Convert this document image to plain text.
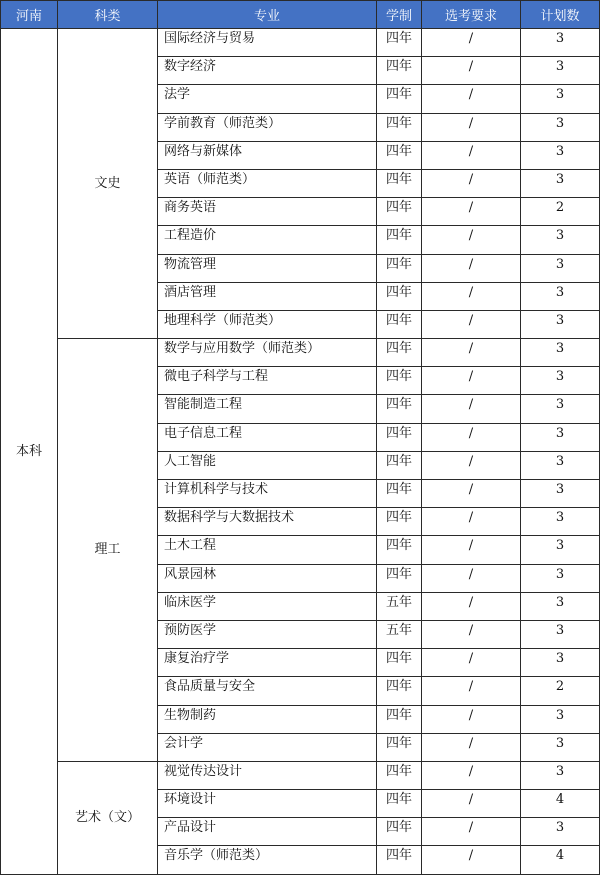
河南	科类	专业	学制	选考要求	计划数
本科	文史	国际经济与贸易	四年	/	3
		数字经济	四年	/	3
		法学	四年	/	3
		学前教育（师范类）	四年	/	3
		网络与新媒体	四年	/	3
		英语（师范类）	四年	/	3
		商务英语	四年	/	2
		工程造价	四年	/	3
		物流管理	四年	/	3
		酒店管理	四年	/	3
		地理科学（师范类）	四年	/	3
	理工	数学与应用数学（师范类）	四年	/	3
		微电子科学与工程	四年	/	3
		智能制造工程	四年	/	3
		电子信息工程	四年	/	3
		人工智能	四年	/	3
		计算机科学与技术	四年	/	3
		数据科学与大数据技术	四年	/	3
		土木工程	四年	/	3
		风景园林	四年	/	3
		临床医学	五年	/	3
		预防医学	五年	/	3
		康复治疗学	四年	/	3
		食品质量与安全	四年	/	2
		生物制药	四年	/	3
		会计学	四年	/	3
	艺术（文）	视觉传达设计	四年	/	3
		环境设计	四年	/	4
		产品设计	四年	/	3
		音乐学（师范类）	四年	/	4
